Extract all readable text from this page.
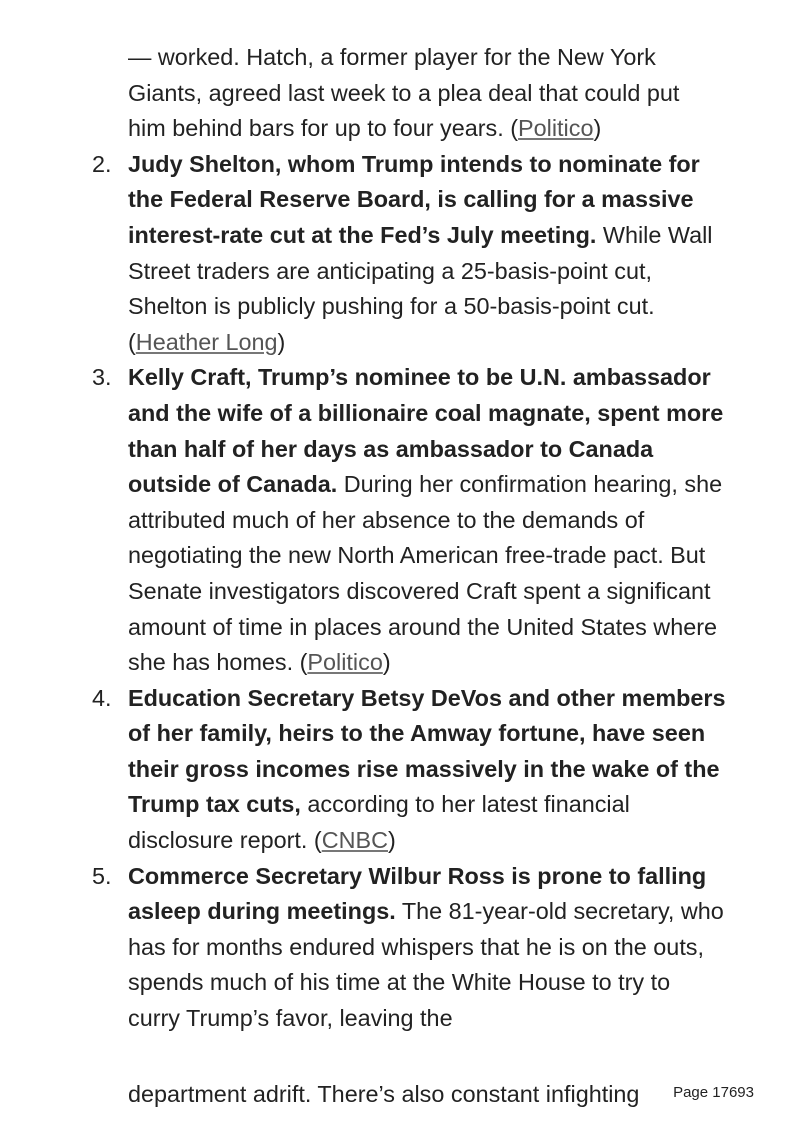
— worked. Hatch, a former player for the New York
Giants, agreed last week to a plea deal that could put
him behind bars for up to four years. (Politico)

2. Judy Shelton, whom Trump intends to nominate for the Federal Reserve Board, is calling for a massive interest-rate cut at the Fed’s July meeting. While Wall Street traders are anticipating a 25-basis-point cut, Shelton is publicly pushing for a 50-basis-point cut. (Heather Long)
3. Kelly Craft, Trump’s nominee to be U.N. ambassador and the wife of a billionaire coal magnate, spent more than half of her days as ambassador to Canada outside of Canada. During her confirmation hearing, she attributed much of her absence to the demands of negotiating the new North American free-trade pact. But Senate investigators discovered Craft spent a significant amount of time in places around the United States where she has homes. (Politico)
4. Education Secretary Betsy DeVos and other members of her family, heirs to the Amway fortune, have seen their gross incomes rise massively in the wake of the Trump tax cuts, according to her latest financial disclosure report. (CNBC)
5. Commerce Secretary Wilbur Ross is prone to falling asleep during meetings. The 81-year-old secretary, who has for months endured whispers that he is on the outs, spends much of his time at the White House to try to curry Trump’s favor, leaving the
department adrift. There’s also constant infighting	Page 17693
